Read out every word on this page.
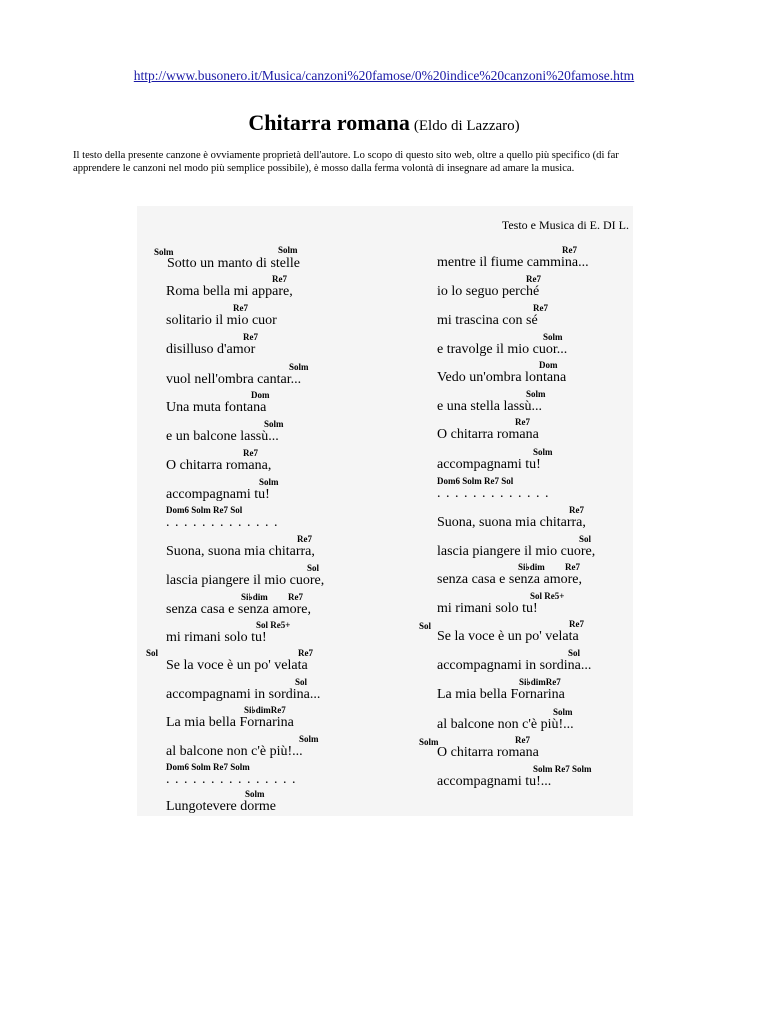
http://www.busonero.it/Musica/canzoni%20famose/0%20indice%20canzoni%20famose.htm
Chitarra romana (Eldo di Lazzaro)
Il testo della presente canzone è ovviamente proprietà dell'autore. Lo scopo di questo sito web, oltre a quello più specifico (di far
apprendere le canzoni nel modo più semplice possibile), è mosso dalla ferma volontà di insegnare ad amare la musica.
Testo e Musica di E. DI L.
Solm	Solm
Sotto un manto di stelle
Re7
Roma bella mi appare,
Re7
solitario il mio cuor
Re7
disilluso d'amor
Solm
vuol nell'ombra cantar...
Dom
Una muta fontana
Solm
e un balcone lassù...
Re7
O chitarra romana,
Solm
accompagnami tu!
Dom6 Solm Re7 Sol
. . . . . . . . . . . . .
Re7
Suona, suona mia chitarra,
Sol
lascia piangere il mio cuore,
Si♭dim Re7
senza casa e senza amore,
Sol Re5+
mi rimani solo tu!
Sol	Re7
Se la voce è un po' velata
Sol
accompagnami in sordina...
Si♭dimRe7
La mia bella Fornarina
Solm
al balcone non c'è più!...
Dom6 Solm Re7 Solm
. . . . . . . . . . . . . . .
Solm
Lungotevere dorme
Re7
mentre il fiume cammina...
Re7
io lo seguo perché
Re7
mi trascina con sé
Solm
e travolge il mio cuor...
Dom
Vedo un'ombra lontana
Solm
e una stella lassù...
Re7
O chitarra romana
Solm
accompagnami tu!
Dom6 Solm Re7 Sol
. . . . . . . . . . . . .
Re7
Suona, suona mia chitarra,
Sol
lascia piangere il mio cuore,
Si♭dim Re7
senza casa e senza amore,
Sol Re5+
mi rimani solo tu!
Sol	Re7
Se la voce è un po' velata
Sol
accompagnami in sordina...
Si♭dimRe7
La mia bella Fornarina
Solm
al balcone non c'è più!...
Solm	Re7
O chitarra romana
Solm Re7 Solm
accompagnami tu!...
